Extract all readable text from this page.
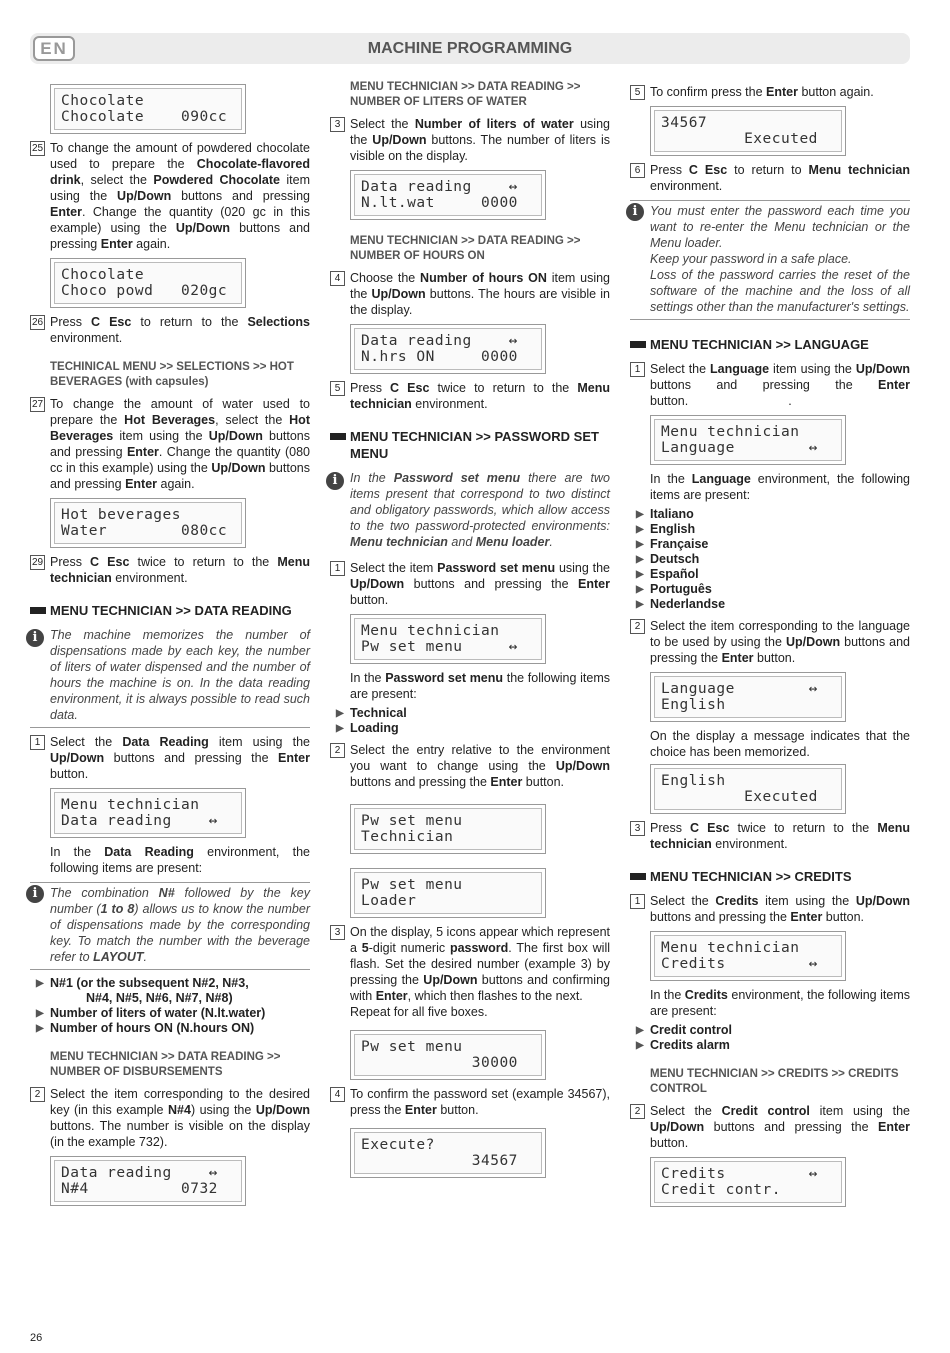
EN	MACHINE PROGRAMMING
Chocolate
Chocolate    090cc
25 To change the amount of powdered chocolate used to prepare the Chocolate-flavored drink, select the Powdered Chocolate item using the Up/Down buttons and pressing Enter. Change the quantity (020 gc in this example) using the Up/Down buttons and pressing Enter again.
Chocolate
Choco powd   020gc
26 Press C Esc to return to the Selections environment.
TECHINICAL MENU >> SELECTIONS >> HOT BEVERAGES (with capsules)
27 To change the amount of water used to prepare the Hot Beverages, select the Hot Beverages item using the Up/Down buttons and pressing Enter. Change the quantity (080 cc in this example) using the Up/Down buttons and pressing Enter again.
Hot beverages
Water        080cc
29 Press C Esc twice to return to the Menu technician environment.
MENU TECHNICIAN >> DATA READING
i	The machine memorizes the number of dispensations made by each key, the number of liters of water dispensed and the number of hours the machine is on. In the data reading environment, it is always possible to read such data.
1 Select the Data Reading item using the Up/Down buttons and pressing the Enter button.
Menu technician
Data reading    ↔

In the Data Reading environment, the following items are present:

i	The combination N# followed by the key number (1 to 8) allows us to know the number of dispensations made by the corresponding key. To match the number with the beverage refer to LAYOUT.
▶ N#1 (or the subsequent N#2, N#3,
N#4, N#5, N#6, N#7, N#8)
▶ Number of liters of water (N.lt.water)
▶ Number of hours ON (N.hours ON)
MENU TECHNICIAN >> DATA READING >> NUMBER OF DISBURSEMENTS
2 Select the item corresponding to the desired key (in this example N#4) using the Up/Down buttons. The number is visible on the display (in the example 732).
Data reading    ↔
N#4          0732
MENU TECHNICIAN >> DATA READING >> NUMBER OF LITERS OF WATER
3 Select the Number of liters of water using the Up/Down buttons. The number of liters is visible on the display.
Data reading    ↔
N.lt.wat     0000
MENU TECHNICIAN >> DATA READING >> NUMBER OF HOURS ON
4 Choose the Number of hours ON item using the Up/Down buttons. The hours are visible in the display.
Data reading    ↔
N.hrs ON     0000
5 Press C Esc twice to return to the Menu technician environment.
MENU TECHNICIAN >> PASSWORD SET MENU
i	In the Password set menu there are two items present that correspond to two distinct and obligatory passwords, which allow access to the two password-protected environments: Menu technician and Menu loader.
1 Select the item Password set menu using the Up/Down buttons and pressing the Enter button.
Menu technician
Pw set menu     ↔

In the Password set menu the following items are present:

▶ Technical
▶ Loading
2 Select the entry relative to the environment you want to change using the Up/Down buttons and pressing the Enter button.
Pw set menu
Technician
Pw set menu
Loader
3 On the display, 5 icons appear which represent a 5-digit numeric password. The first box will flash. Set the desired number (example 3) by pressing the Up/Down buttons and confirming with Enter, which then flashes to the next.
Repeat for all five boxes.
Pw set menu
30000
4 To confirm the password set (example 34567), press the Enter button.
Execute?
34567
5 To confirm press the Enter button again.
34567
Executed
6 Press C Esc to return to Menu technician environment.
i	You must enter the password each time you want to re-enter the Menu technician or the Menu loader.
Keep your password in a safe place.
Loss of the password carries the reset of the software of the machine and the loss of all settings other than the manufacturer's settings.
MENU TECHNICIAN >> LANGUAGE
1 Select the Language item using the Up/Down buttons and pressing the Enter button.	.
Menu technician
Language        ↔

In the Language environment, the following items are present:

▶ Italiano
▶ English
▶ Française
▶ Deutsch
▶ Español
▶ Português
▶ Nederlandse
2 Select the item corresponding to the language to be used by using the Up/Down buttons and pressing the Enter button.
Language        ↔
English

On the display a message indicates that the choice has been memorized.

English
Executed
3 Press C Esc twice to return to the Menu technician environment.
MENU TECHNICIAN >> CREDITS
1 Select the Credits item using the Up/Down buttons and pressing the Enter button.
Menu technician
Credits         ↔

In the Credits environment, the following items are present:

▶ Credit control
▶ Credits alarm
MENU TECHNICIAN >> CREDITS >> CREDITS CONTROL
2 Select the Credit control item using the Up/Down buttons and pressing the Enter button.
Credits         ↔
Credit contr.
26
